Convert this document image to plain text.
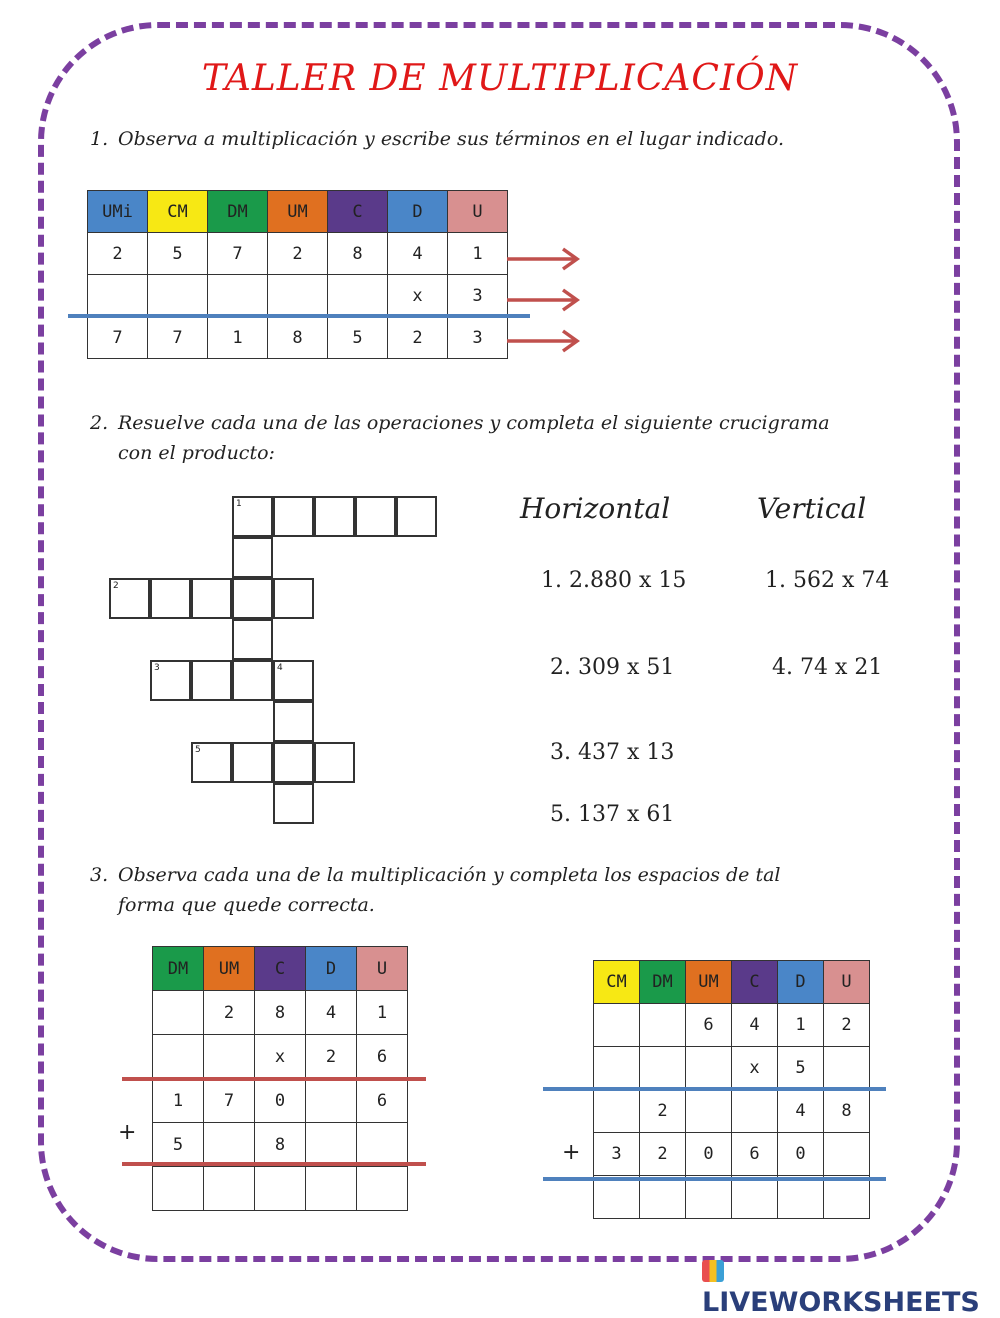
TALLER DE MULTIPLICACIÓN
1. Observa a multiplicación y escribe sus términos en el lugar indicado.
UMi	CM	DM	UM	C	D	U
2	5	7	2	8	4	1
					x	3
7	7	1	8	5	2	3
2. Resuelve cada una de las operaciones y completa el siguiente crucigrama
con el producto:
1
2
3	4
5
Horizontal	Vertical
1. 2.880 x 15
2. 309 x 51
3. 437 x 13
5. 137 x 61
1. 562 x 74
4. 74 x 21
3. Observa cada una de la multiplicación y completa los espacios de tal
forma que quede correcta.
DM	UM	C	D	U
	2	8	4	1
		x	2	6
1	7	0		6
5		8		

+
CM	DM	UM	C	D	U
		6	4	1	2
			x	5	
	2			4	8
3	2	0	6	0	

+
LIVEWORKSHEETS
